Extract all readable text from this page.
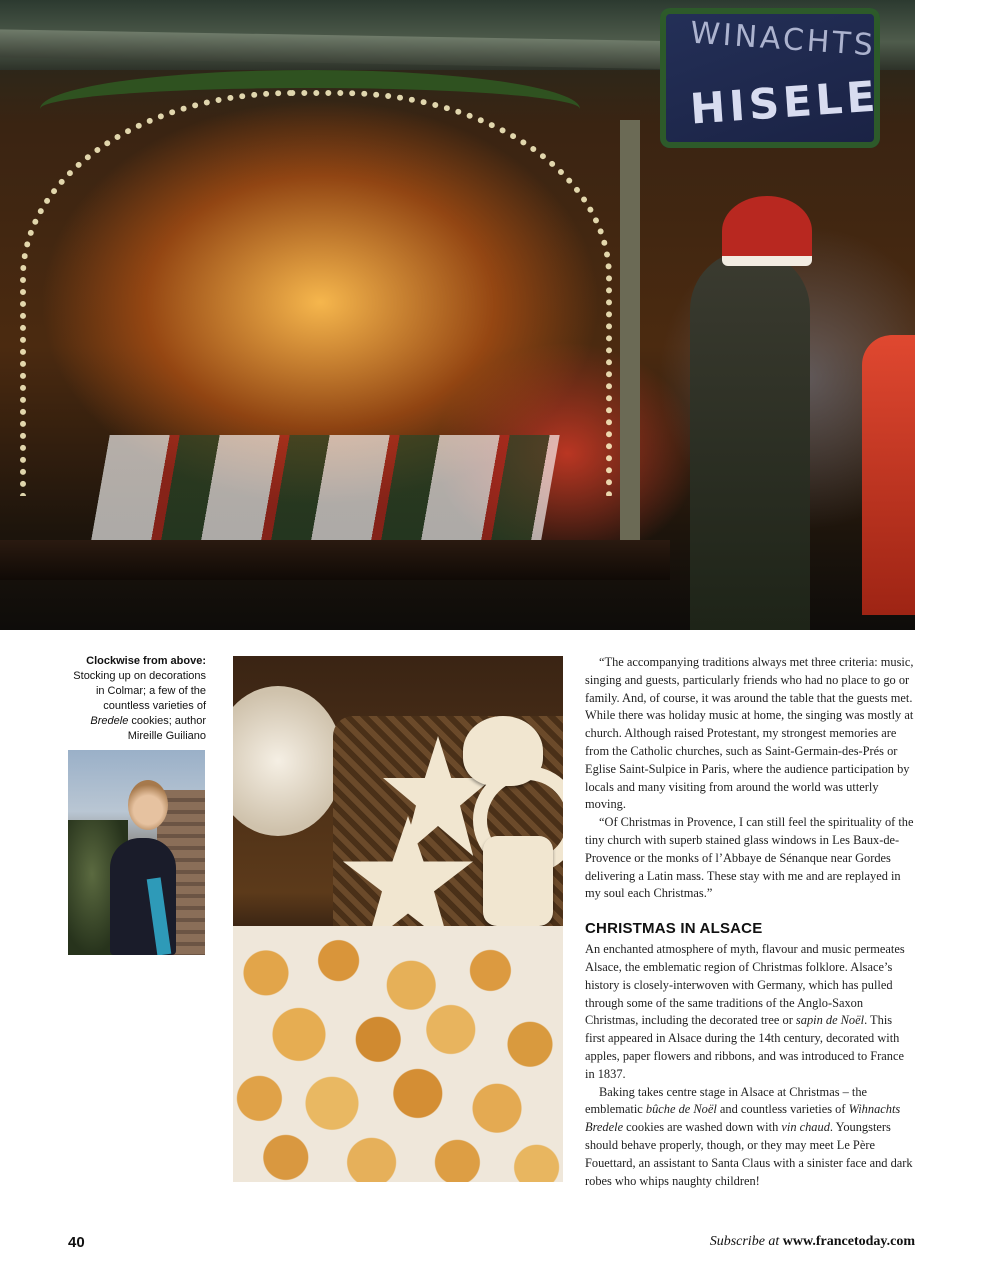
WINACHTS
HISELE
Clockwise from above: Stocking up on decorations in Colmar; a few of the countless varieties of Bredele cookies; author Mireille Guiliano

“The accompanying traditions always met three criteria: music, singing and guests, particularly friends who had no place to go or family. And, of course, it was around the table that the guests met. While there was holiday music at home, the singing was mostly at church. Although raised Protestant, my strongest memories are from the Catholic churches, such as Saint-Germain-des-Prés or Eglise Saint-Sulpice in Paris, where the audience participation by locals and many visiting from around the world was utterly moving.

“Of Christmas in Provence, I can still feel the spirituality of the tiny church with superb stained glass windows in Les Baux-de-Provence or the monks of l’Abbaye de Sénanque near Gordes delivering a Latin mass. These stay with me and are replayed in my soul each Christmas.”

CHRISTMAS IN ALSACE

An enchanted atmosphere of myth, flavour and music permeates Alsace, the emblematic region of Christmas folklore. Alsace’s history is closely-interwoven with Germany, which has pulled through some of the same traditions of the Anglo-Saxon Christmas, including the decorated tree or sapin de Noël. This first appeared in Alsace during the 14th century, decorated with apples, paper flowers and ribbons, and was introduced to France in 1837.

Baking takes centre stage in Alsace at Christmas – the emblematic bûche de Noël and countless varieties of Wihnachts Bredele cookies are washed down with vin chaud. Youngsters should behave properly, though, or they may meet Le Père Fouettard, an assistant to Santa Claus with a sinister face and dark robes who whips naughty children!

40	Subscribe at www.francetoday.com
